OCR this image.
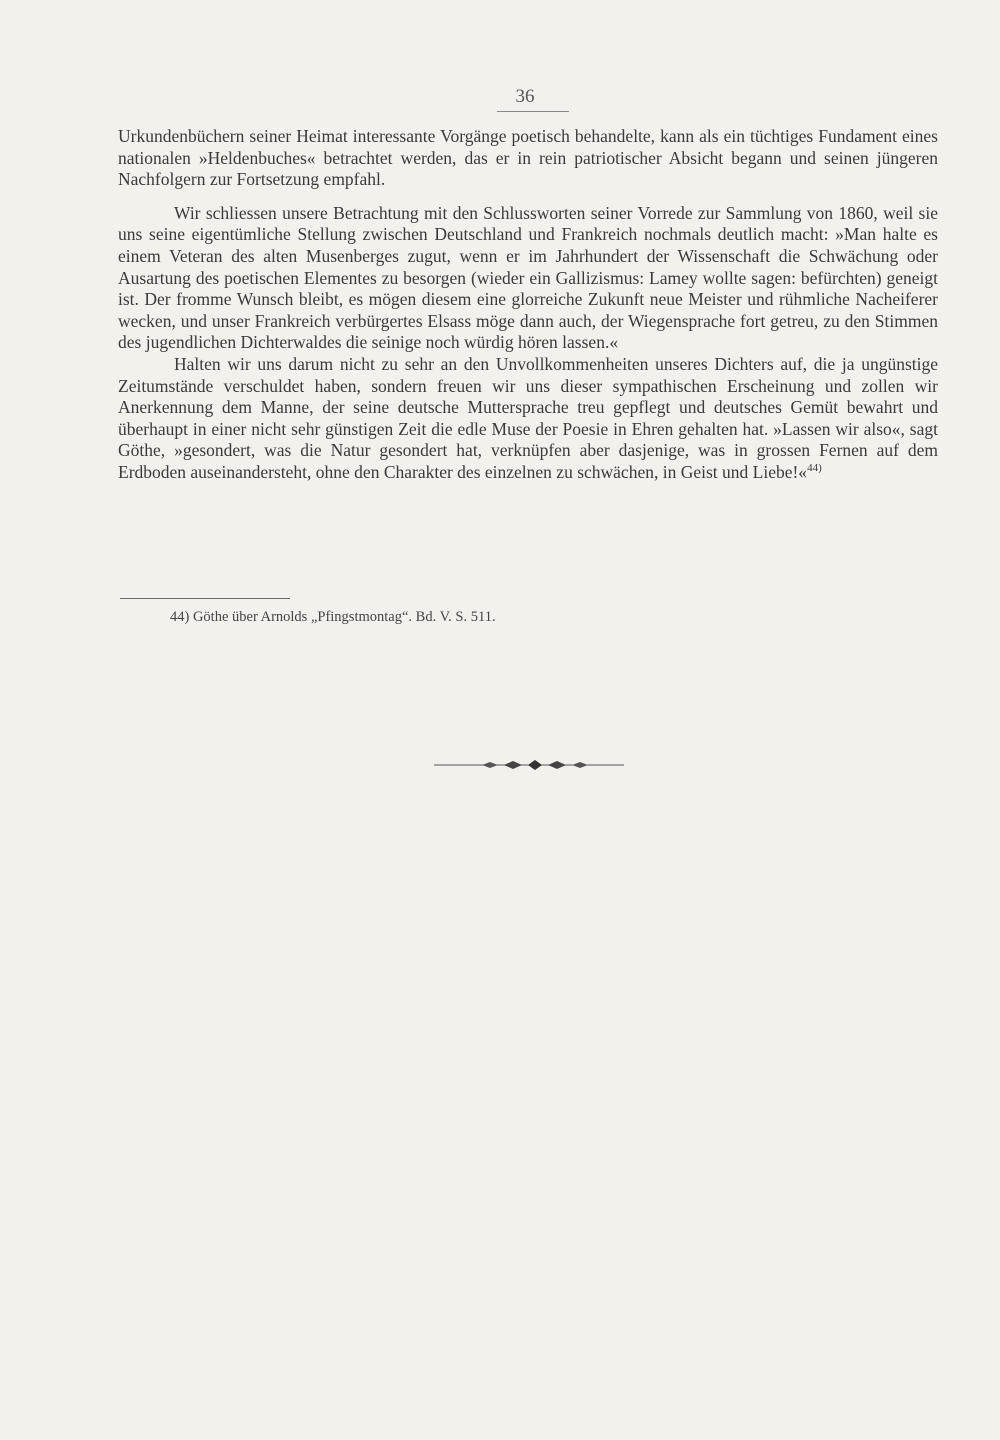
36

Urkundenbüchern seiner Heimat interessante Vorgänge poetisch behandelte, kann als ein tüchtiges Fundament eines nationalen »Heldenbuches« betrachtet werden, das er in rein patriotischer Absicht begann und seinen jüngeren Nachfolgern zur Fortsetzung empfahl.

Wir schliessen unsere Betrachtung mit den Schlussworten seiner Vorrede zur Sammlung von 1860, weil sie uns seine eigentümliche Stellung zwischen Deutschland und Frankreich nochmals deutlich macht: »Man halte es einem Veteran des alten Musenberges zugut, wenn er im Jahrhundert der Wissenschaft die Schwächung oder Ausartung des poetischen Elementes zu besorgen (wieder ein Gallizismus: Lamey wollte sagen: befürchten) geneigt ist. Der fromme Wunsch bleibt, es mögen diesem eine glorreiche Zukunft neue Meister und rühmliche Nacheiferer wecken, und unser Frankreich verbürgertes Elsass möge dann auch, der Wiegensprache fort getreu, zu den Stimmen des jugendlichen Dichterwaldes die seinige noch würdig hören lassen.«

Halten wir uns darum nicht zu sehr an den Unvollkommenheiten unseres Dichters auf, die ja ungünstige Zeitumstände verschuldet haben, sondern freuen wir uns dieser sympathischen Erscheinung und zollen wir Anerkennung dem Manne, der seine deutsche Muttersprache treu gepflegt und deutsches Gemüt bewahrt und überhaupt in einer nicht sehr günstigen Zeit die edle Muse der Poesie in Ehren gehalten hat. »Lassen wir also«, sagt Göthe, »gesondert, was die Natur gesondert hat, verknüpfen aber dasjenige, was in grossen Fernen auf dem Erdboden auseinandersteht, ohne den Charakter des einzelnen zu schwächen, in Geist und Liebe!«$^{44)}$

44) Göthe über Arnolds „Pfingstmontag“. Bd. V. S. 511.
